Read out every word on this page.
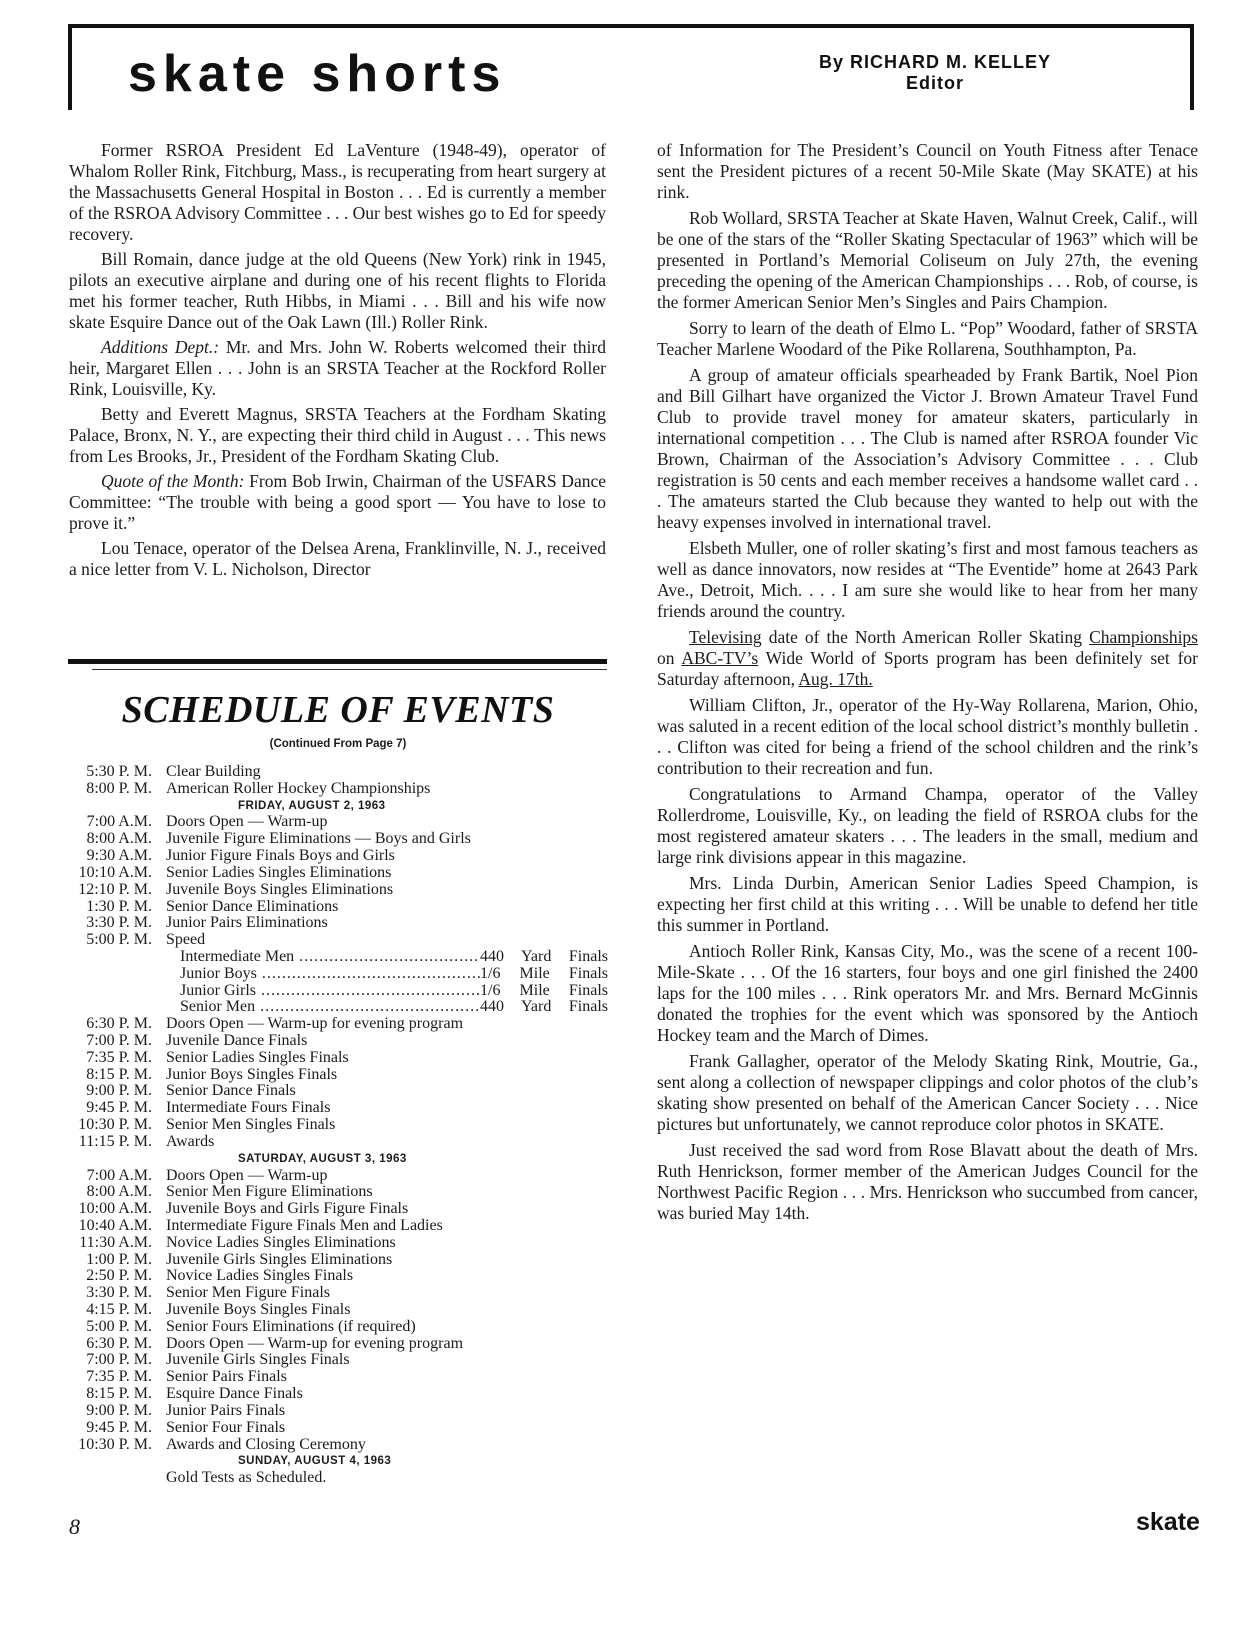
skate shorts	By RICHARD M. KELLEY
Editor

Former RSROA President Ed LaVenture (1948-49), operator of Whalom Roller Rink, Fitchburg, Mass., is recuperating from heart surgery at the Massachusetts General Hospital in Boston . . . Ed is currently a member of the RSROA Advisory Committee . . . Our best wishes go to Ed for speedy recovery.

Bill Romain, dance judge at the old Queens (New York) rink in 1945, pilots an executive airplane and during one of his recent flights to Florida met his former teacher, Ruth Hibbs, in Miami . . . Bill and his wife now skate Esquire Dance out of the Oak Lawn (Ill.) Roller Rink.

Additions Dept.: Mr. and Mrs. John W. Roberts welcomed their third heir, Margaret Ellen . . . John is an SRSTA Teacher at the Rockford Roller Rink, Louisville, Ky.

Betty and Everett Magnus, SRSTA Teachers at the Fordham Skating Palace, Bronx, N. Y., are expecting their third child in August . . . This news from Les Brooks, Jr., President of the Fordham Skating Club.

Quote of the Month: From Bob Irwin, Chairman of the USFARS Dance Committee: “The trouble with being a good sport — You have to lose to prove it.”

Lou Tenace, operator of the Delsea Arena, Franklinville, N. J., received a nice letter from V. L. Nicholson, Director

SCHEDULE OF EVENTS
(Continued From Page 7)
5:30 P. M. Clear Building
8:00 P. M. American Roller Hockey Championships
FRIDAY, AUGUST 2, 1963
7:00 A.M. Doors Open — Warm-up
8:00 A.M. Juvenile Figure Eliminations — Boys and Girls
9:30 A.M. Junior Figure Finals Boys and Girls
10:10 A.M. Senior Ladies Singles Eliminations
12:10 P. M. Juvenile Boys Singles Eliminations
1:30 P. M. Senior Dance Eliminations
3:30 P. M. Junior Pairs Eliminations
5:00 P. M. Speed
Intermediate Men .....	440 Yard Finals
Junior Boys .....	1/6 Mile Finals
Junior Girls .....	1/6 Mile Finals
Senior Men .....	440 Yard Finals
6:30 P. M. Doors Open — Warm-up for evening program
7:00 P. M. Juvenile Dance Finals
7:35 P. M. Senior Ladies Singles Finals
8:15 P. M. Junior Boys Singles Finals
9:00 P. M. Senior Dance Finals
9:45 P. M. Intermediate Fours Finals
10:30 P. M. Senior Men Singles Finals
11:15 P. M. Awards
SATURDAY, AUGUST 3, 1963
7:00 A.M. Doors Open — Warm-up
8:00 A.M. Senior Men Figure Eliminations
10:00 A.M. Juvenile Boys and Girls Figure Finals
10:40 A.M. Intermediate Figure Finals Men and Ladies
11:30 A.M. Novice Ladies Singles Eliminations
1:00 P. M. Juvenile Girls Singles Eliminations
2:50 P. M. Novice Ladies Singles Finals
3:30 P. M. Senior Men Figure Finals
4:15 P. M. Juvenile Boys Singles Finals
5:00 P. M. Senior Fours Eliminations (if required)
6:30 P. M. Doors Open — Warm-up for evening program
7:00 P. M. Juvenile Girls Singles Finals
7:35 P. M. Senior Pairs Finals
8:15 P. M. Esquire Dance Finals
9:00 P. M. Junior Pairs Finals
9:45 P. M. Senior Four Finals
10:30 P. M. Awards and Closing Ceremony
SUNDAY, AUGUST 4, 1963
Gold Tests as Scheduled.

of Information for The President’s Council on Youth Fitness after Tenace sent the President pictures of a recent 50-Mile Skate (May SKATE) at his rink.

Rob Wollard, SRSTA Teacher at Skate Haven, Walnut Creek, Calif., will be one of the stars of the “Roller Skating Spectacular of 1963” which will be presented in Portland’s Memorial Coliseum on July 27th, the evening preceding the opening of the American Championships . . . Rob, of course, is the former American Senior Men’s Singles and Pairs Champion.

Sorry to learn of the death of Elmo L. “Pop” Woodard, father of SRSTA Teacher Marlene Woodard of the Pike Rollarena, Southhampton, Pa.

A group of amateur officials spearheaded by Frank Bartik, Noel Pion and Bill Gilhart have organized the Victor J. Brown Amateur Travel Fund Club to provide travel money for amateur skaters, particularly in international competition . . . The Club is named after RSROA founder Vic Brown, Chairman of the Association’s Advisory Committee . . . Club registration is 50 cents and each member receives a handsome wallet card . . . The amateurs started the Club because they wanted to help out with the heavy expenses involved in international travel.

Elsbeth Muller, one of roller skating’s first and most famous teachers as well as dance innovators, now resides at “The Eventide” home at 2643 Park Ave., Detroit, Mich. . . . I am sure she would like to hear from her many friends around the country.

Televising date of the North American Roller Skating Championships on ABC-TV’s Wide World of Sports program has been definitely set for Saturday afternoon, Aug. 17th.

William Clifton, Jr., operator of the Hy-Way Rollarena, Marion, Ohio, was saluted in a recent edition of the local school district’s monthly bulletin . . . Clifton was cited for being a friend of the school children and the rink’s contribution to their recreation and fun.

Congratulations to Armand Champa, operator of the Valley Rollerdrome, Louisville, Ky., on leading the field of RSROA clubs for the most registered amateur skaters . . . The leaders in the small, medium and large rink divisions appear in this magazine.

Mrs. Linda Durbin, American Senior Ladies Speed Champion, is expecting her first child at this writing . . . Will be unable to defend her title this summer in Portland.

Antioch Roller Rink, Kansas City, Mo., was the scene of a recent 100-Mile-Skate . . . Of the 16 starters, four boys and one girl finished the 2400 laps for the 100 miles . . . Rink operators Mr. and Mrs. Bernard McGinnis donated the trophies for the event which was sponsored by the Antioch Hockey team and the March of Dimes.

Frank Gallagher, operator of the Melody Skating Rink, Moutrie, Ga., sent along a collection of newspaper clippings and color photos of the club’s skating show presented on behalf of the American Cancer Society . . . Nice pictures but unfortunately, we cannot reproduce color photos in SKATE.

Just received the sad word from Rose Blavatt about the death of Mrs. Ruth Henrickson, former member of the American Judges Council for the Northwest Pacific Region . . . Mrs. Henrickson who succumbed from cancer, was buried May 14th.

8	skate
